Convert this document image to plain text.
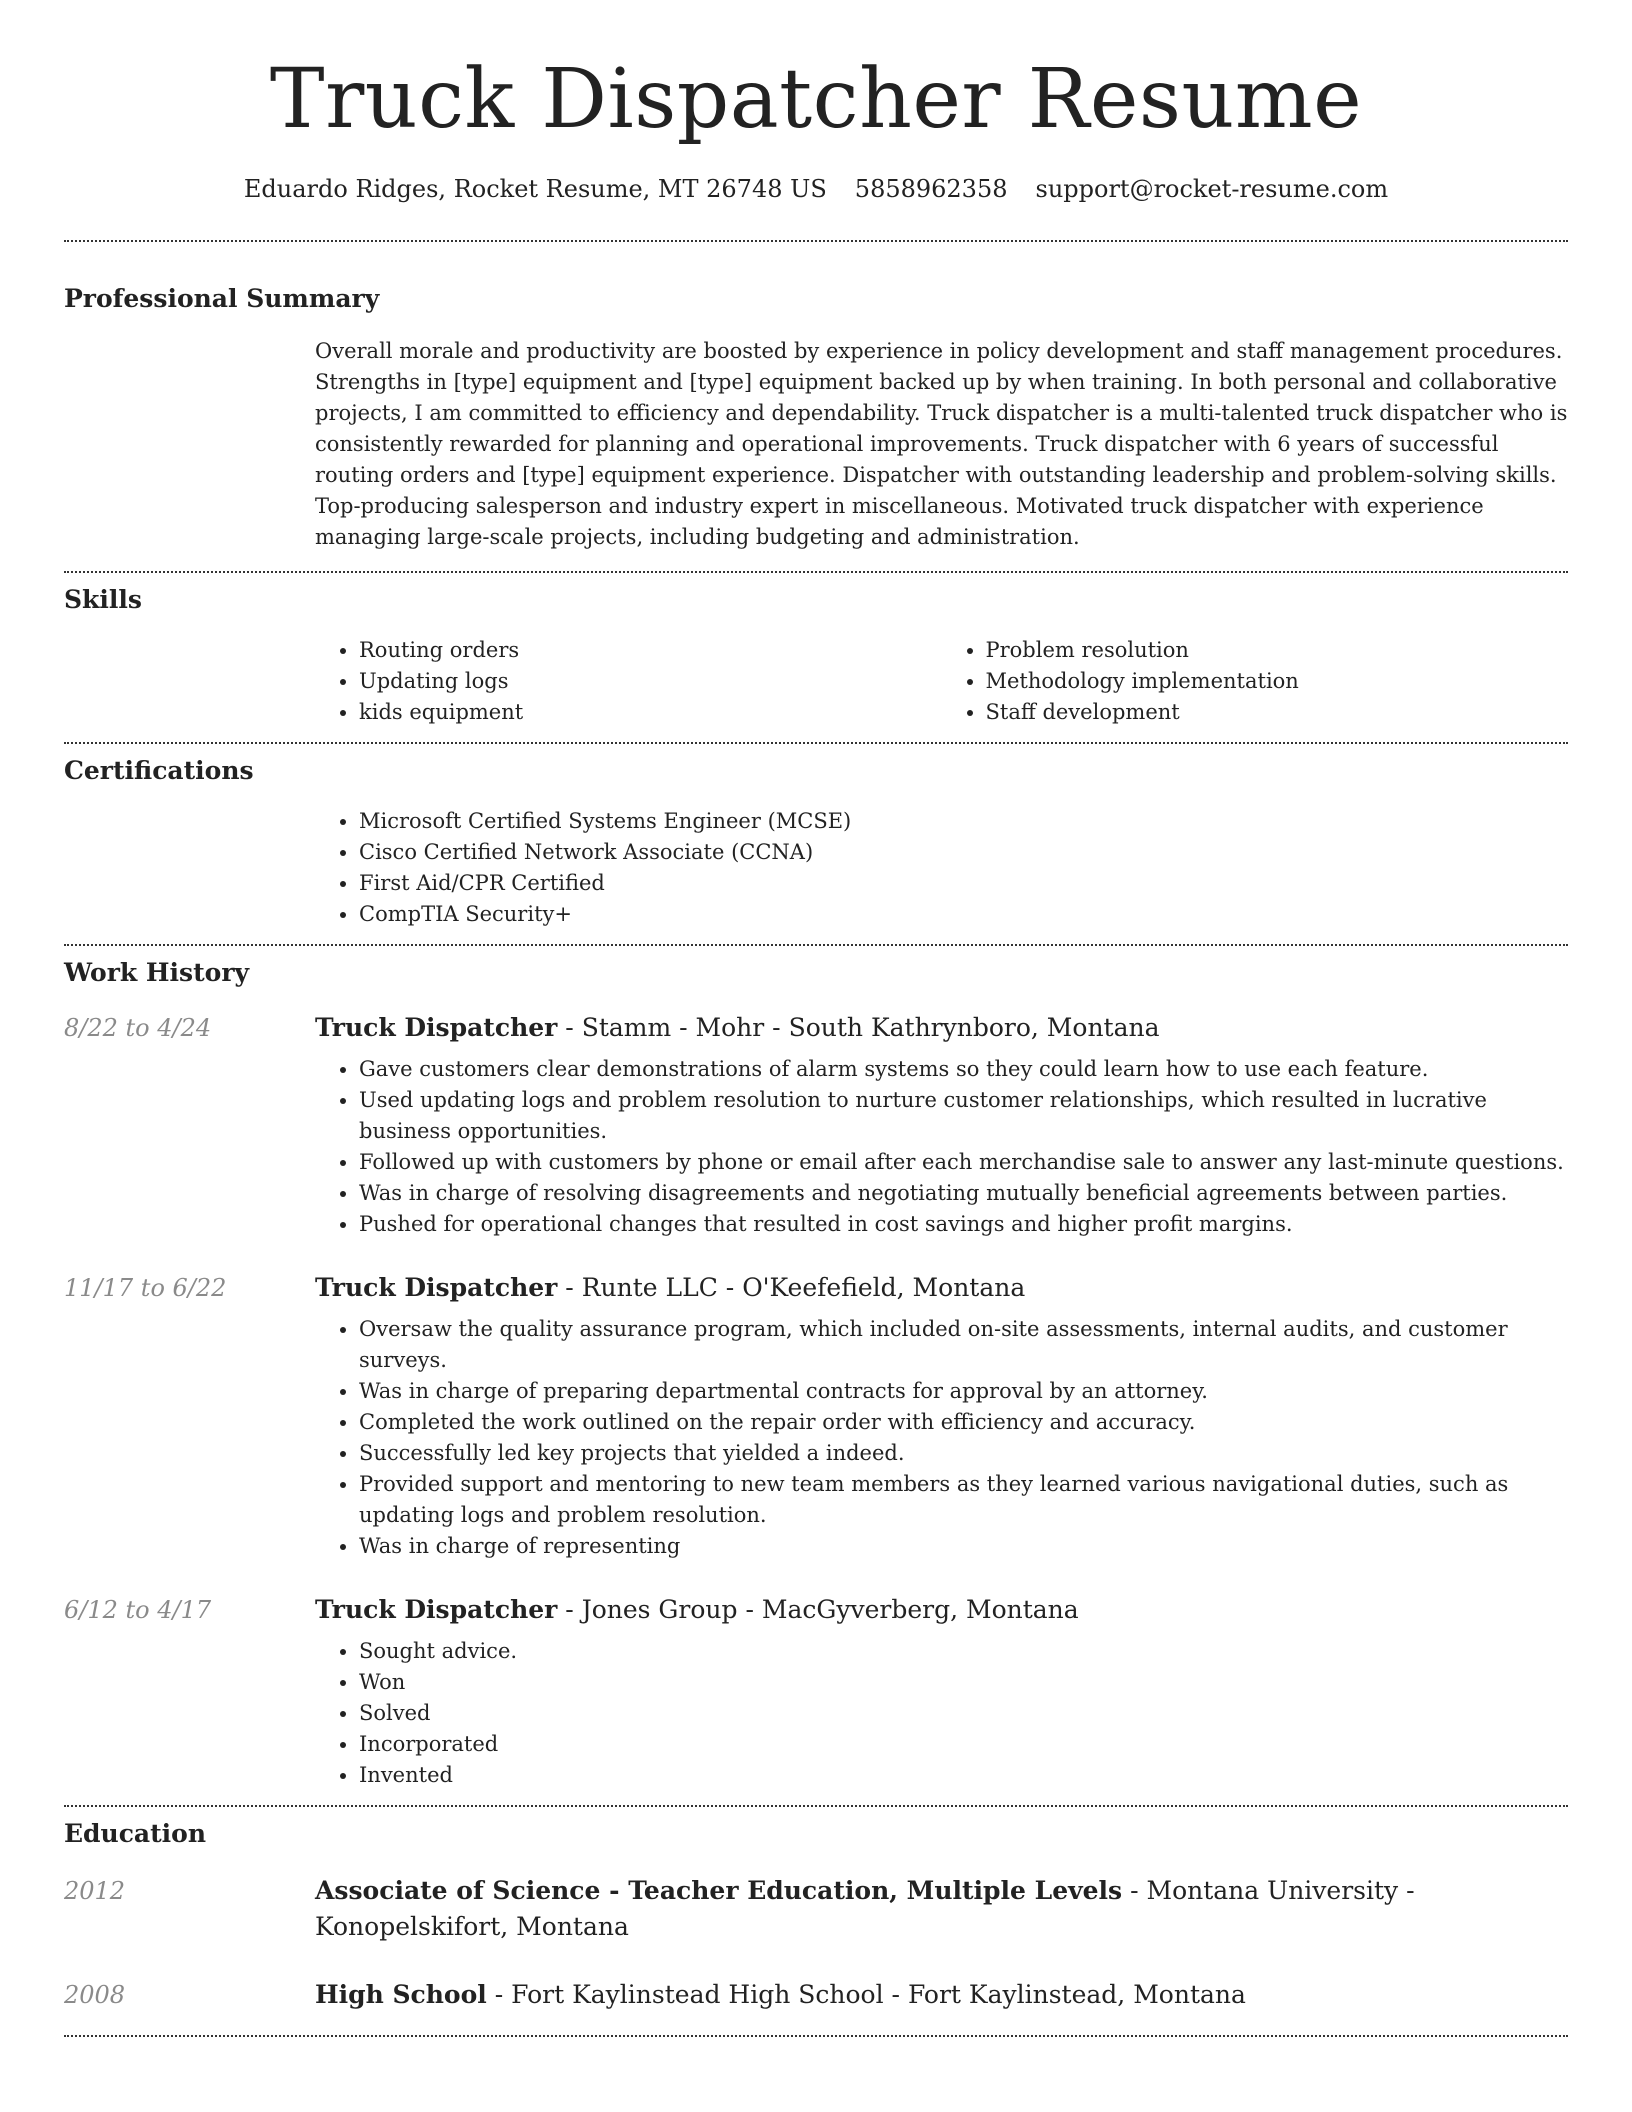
Truck Dispatcher Resume
Eduardo Ridges, Rocket Resume, MT 26748 US 5858962358 support@rocket-resume.com
Professional Summary

Overall morale and productivity are boosted by experience in policy development and staff management procedures. Strengths in [type] equipment and [type] equipment backed up by when training. In both personal and collaborative projects, I am committed to efficiency and dependability. Truck dispatcher is a multi-talented truck dispatcher who is consistently rewarded for planning and operational improvements. Truck dispatcher with 6 years of successful routing orders and [type] equipment experience. Dispatcher with outstanding leadership and problem-solving skills. Top-producing salesperson and industry expert in miscellaneous. Motivated truck dispatcher with experience managing large-scale projects, including budgeting and administration.

Skills
• Routing orders
• Updating logs
• kids equipment
• Problem resolution
• Methodology implementation
• Staff development
Certifications
• Microsoft Certified Systems Engineer (MCSE)
• Cisco Certified Network Associate (CCNA)
• First Aid/CPR Certified
• CompTIA Security+
Work History
8/22 to 4/24	Truck Dispatcher - Stamm - Mohr - South Kathrynboro, Montana
• Gave customers clear demonstrations of alarm systems so they could learn how to use each feature.
• Used updating logs and problem resolution to nurture customer relationships, which resulted in lucrative business opportunities.
• Followed up with customers by phone or email after each merchandise sale to answer any last-minute questions.
• Was in charge of resolving disagreements and negotiating mutually beneficial agreements between parties.
• Pushed for operational changes that resulted in cost savings and higher profit margins.
11/17 to 6/22	Truck Dispatcher - Runte LLC - O'Keefefield, Montana
• Oversaw the quality assurance program, which included on-site assessments, internal audits, and customer surveys.
• Was in charge of preparing departmental contracts for approval by an attorney.
• Completed the work outlined on the repair order with efficiency and accuracy.
• Successfully led key projects that yielded a indeed.
• Provided support and mentoring to new team members as they learned various navigational duties, such as updating logs and problem resolution.
• Was in charge of representing
6/12 to 4/17	Truck Dispatcher - Jones Group - MacGyverberg, Montana
• Sought advice.
• Won
• Solved
• Incorporated
• Invented
Education
2012	Associate of Science - Teacher Education, Multiple Levels - Montana University - Konopelskifort, Montana
2008	High School - Fort Kaylinstead High School - Fort Kaylinstead, Montana
